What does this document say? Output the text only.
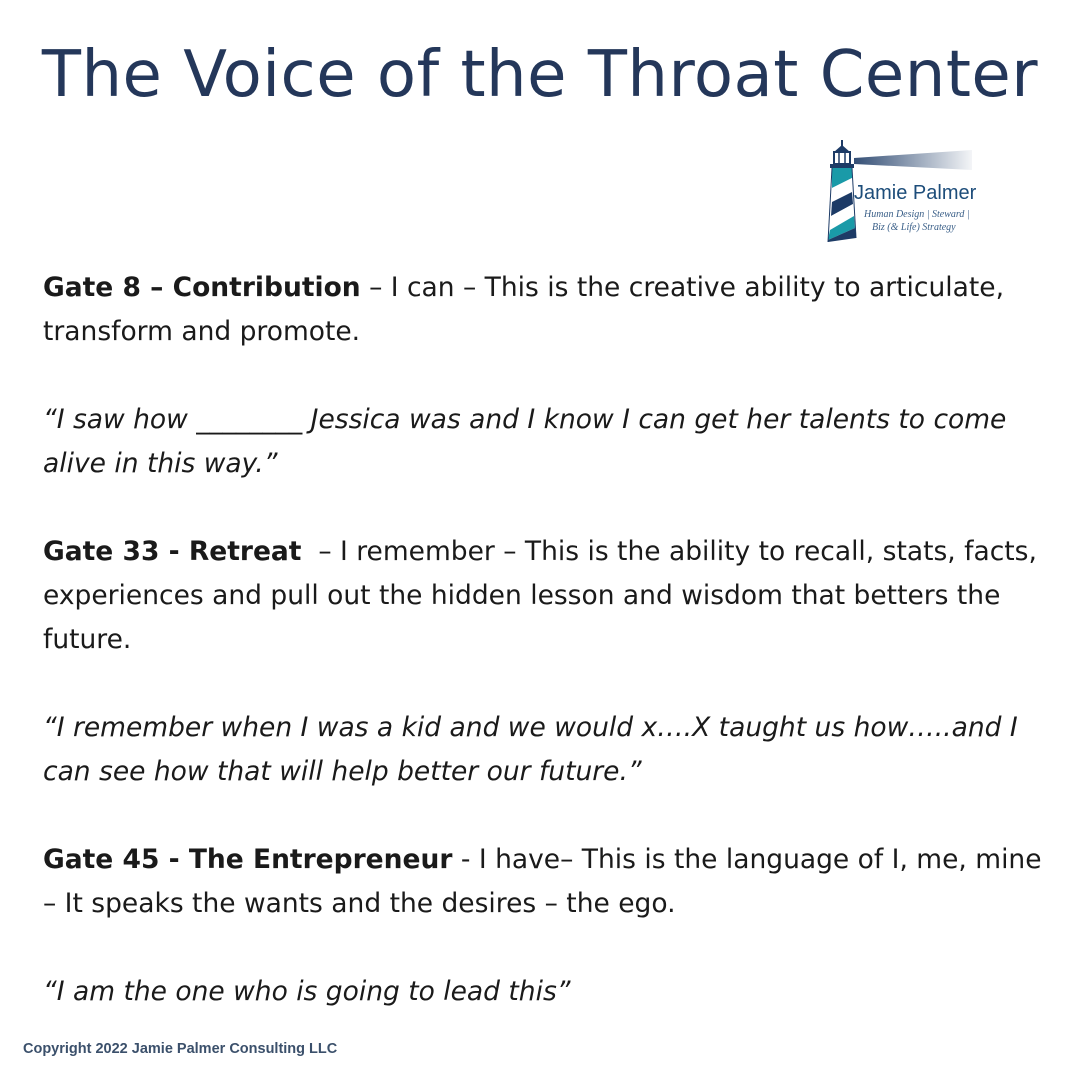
The Voice of the Throat Center
Jamie Palmer
Human Design | Steward |
Biz (& Life) Strategy

Gate 8 – Contribution – I can – This is the creative ability to articulate, transform and promote.

“I saw how ________ Jessica was and I know I can get her talents to come alive in this way.”

Gate 33 - Retreat  – I remember – This is the ability to recall, stats, facts, experiences and pull out the hidden lesson and wisdom that betters the future.

“I remember when I was a kid and we would x….X taught us how…..and I can see how that will help better our future.”

Gate 45 - The Entrepreneur - I have– This is the language of I, me, mine – It speaks the wants and the desires – the ego.

“I am the one who is going to lead this”

Copyright 2022 Jamie Palmer Consulting LLC
